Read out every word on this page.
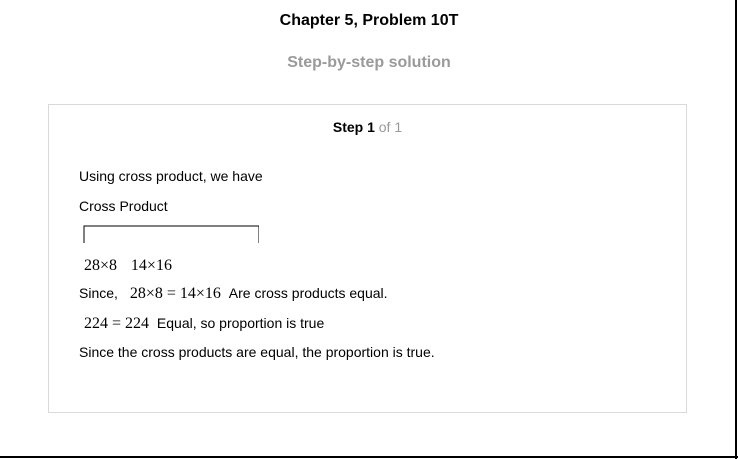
Chapter 5, Problem 10T
Step-by-step solution
Step 1 of 1
Using cross product, we have
Cross Product
28×8 14×16
Since, 28×8 = 14×16 Are cross products equal.
224 = 224 Equal, so proportion is true
Since the cross products are equal, the proportion is true.
